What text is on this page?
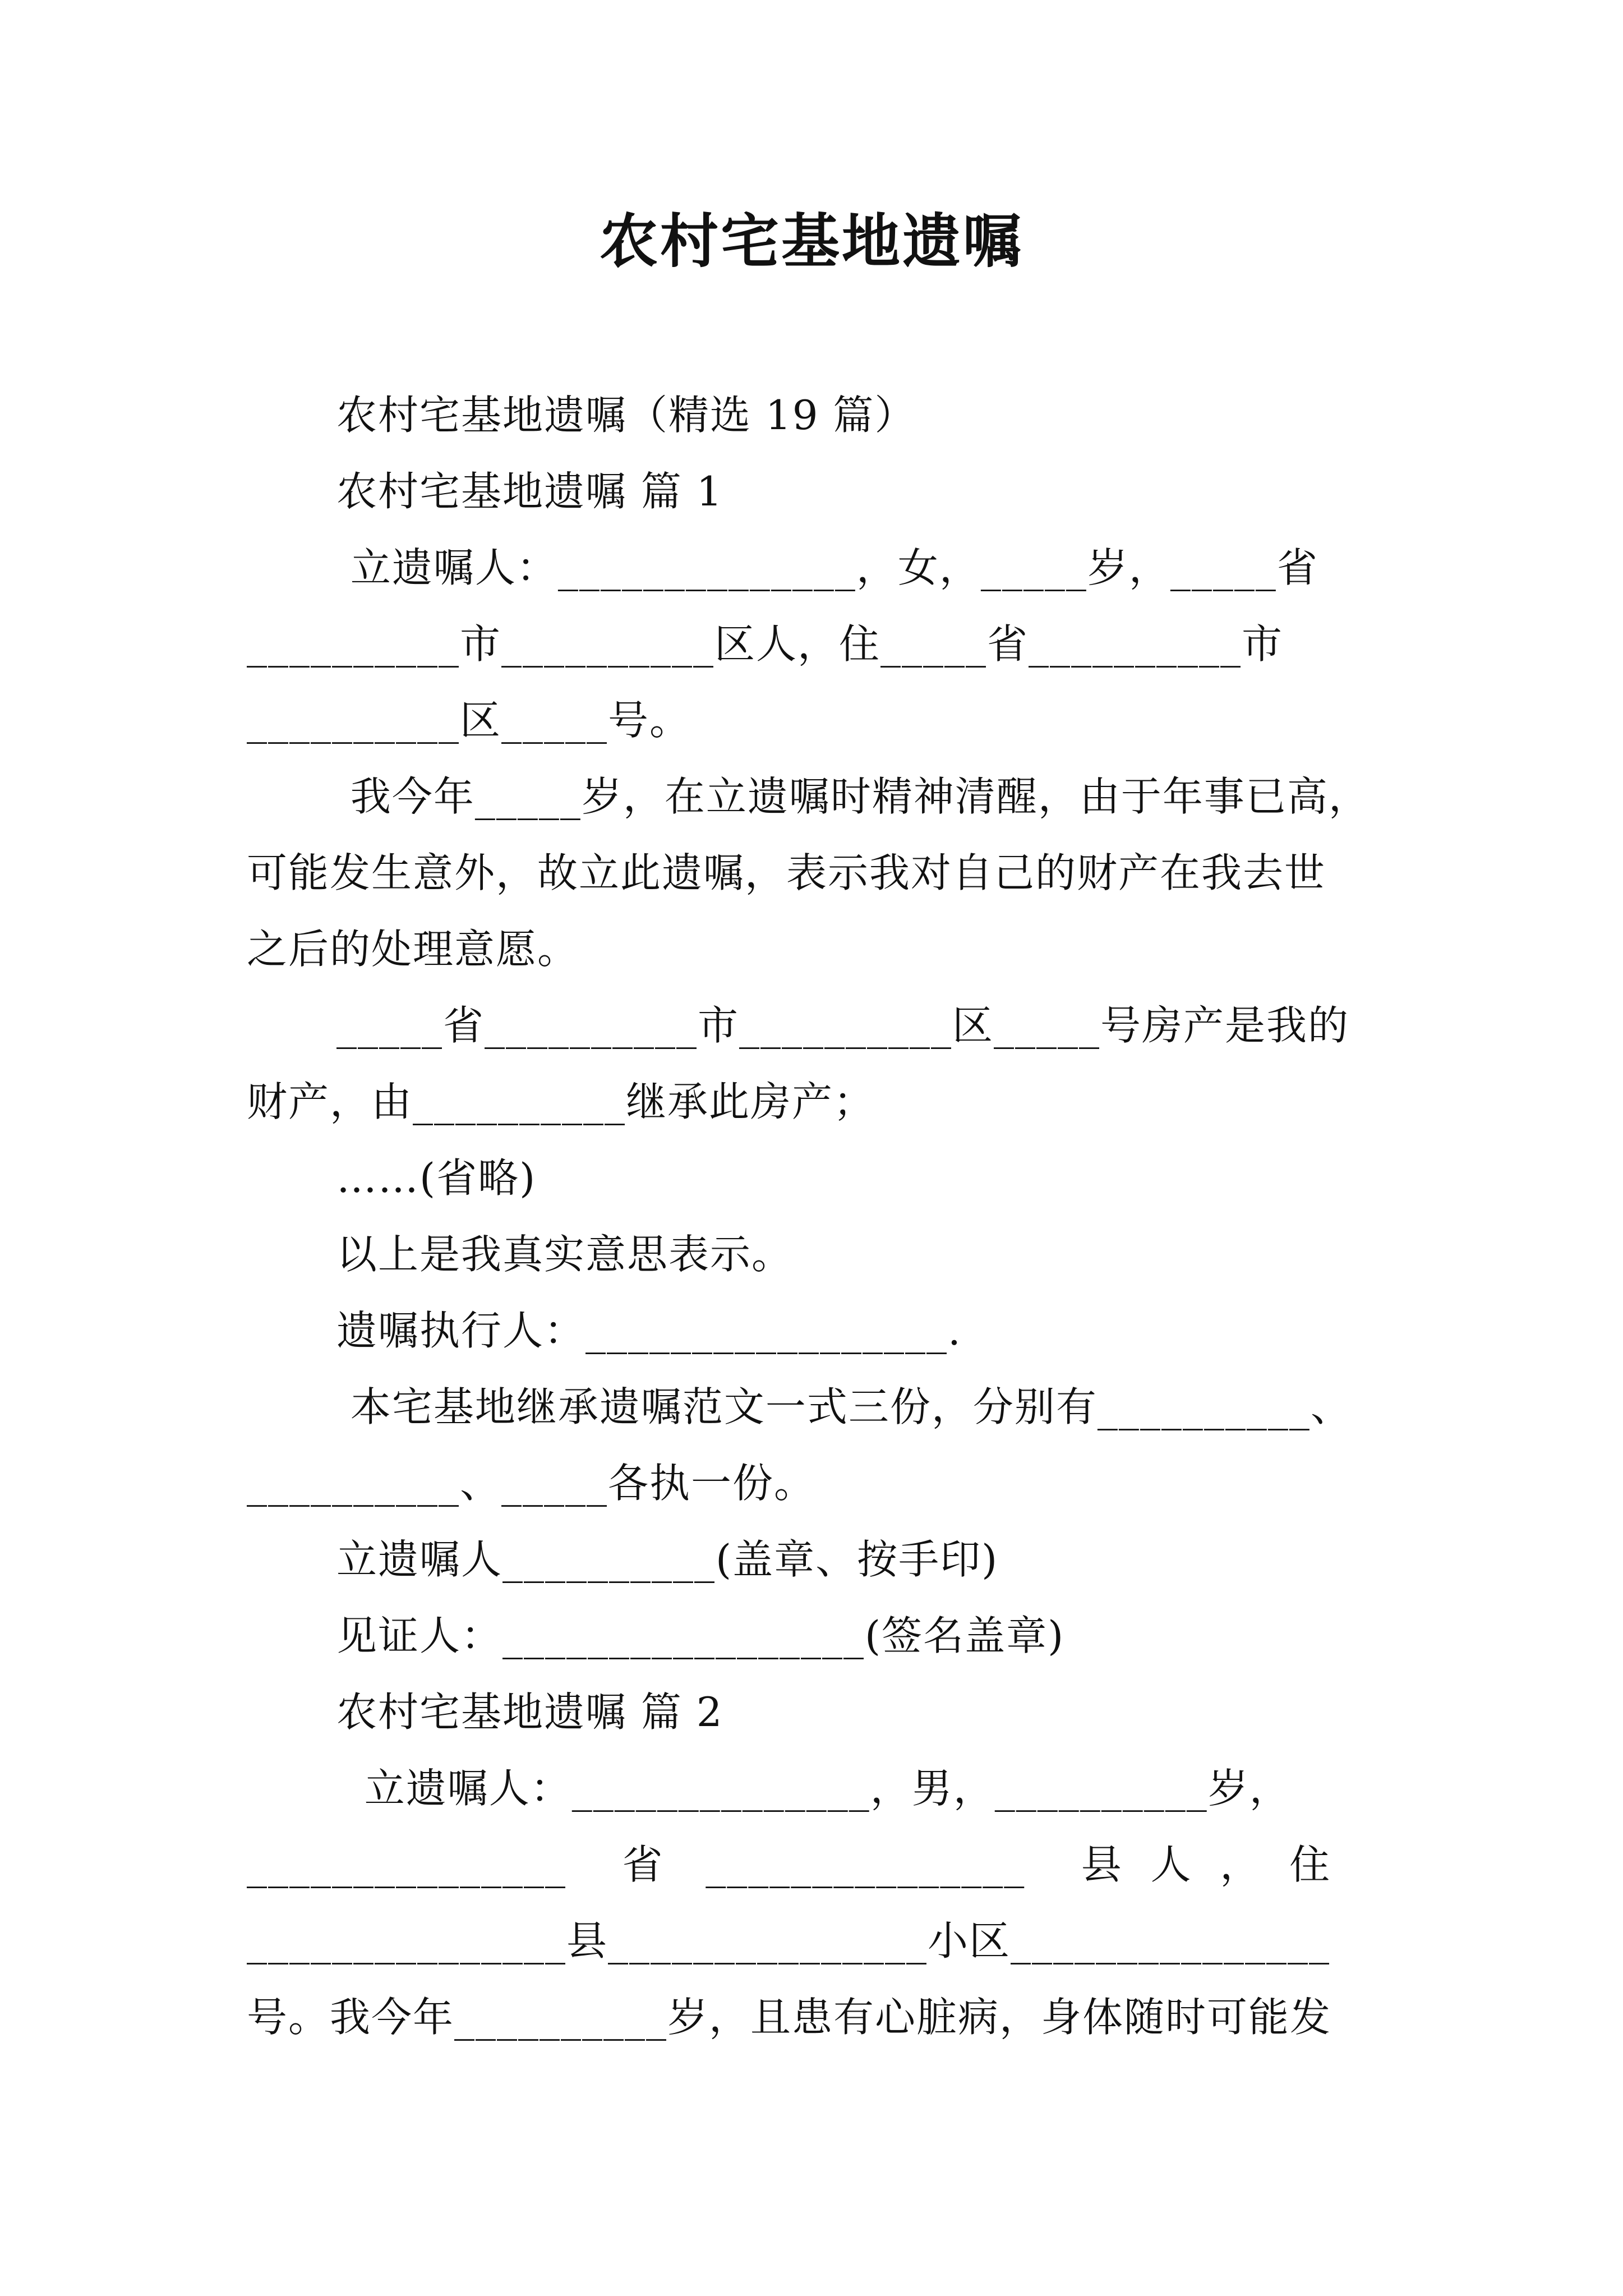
农村宅基地遗嘱
农村宅基地遗嘱（精选 19 篇）
农村宅基地遗嘱 篇 1
立遗嘱人：______________，女，_____岁，_____省
__________市__________区人，住_____省__________市
__________区_____号。
我今年_____岁，在立遗嘱时精神清醒，由于年事已高，
可能发生意外，故立此遗嘱，表示我对自己的财产在我去世
之后的处理意愿。
_____省__________市__________区_____号房产是我的
财产，由__________继承此房产；
……(省略)
以上是我真实意思表示。
遗嘱执行人：_________________.
本宅基地继承遗嘱范文一式三份，分别有__________、
__________、_____各执一份。
立遗嘱人__________(盖章、按手印)
见证人：_________________(签名盖章)
农村宅基地遗嘱 篇 2
立遗嘱人：______________，男，__________岁，
_______________    省   _______________    县  人  ，  住
_______________县_______________小区_______________
号。我今年__________岁，且患有心脏病，身体随时可能发
